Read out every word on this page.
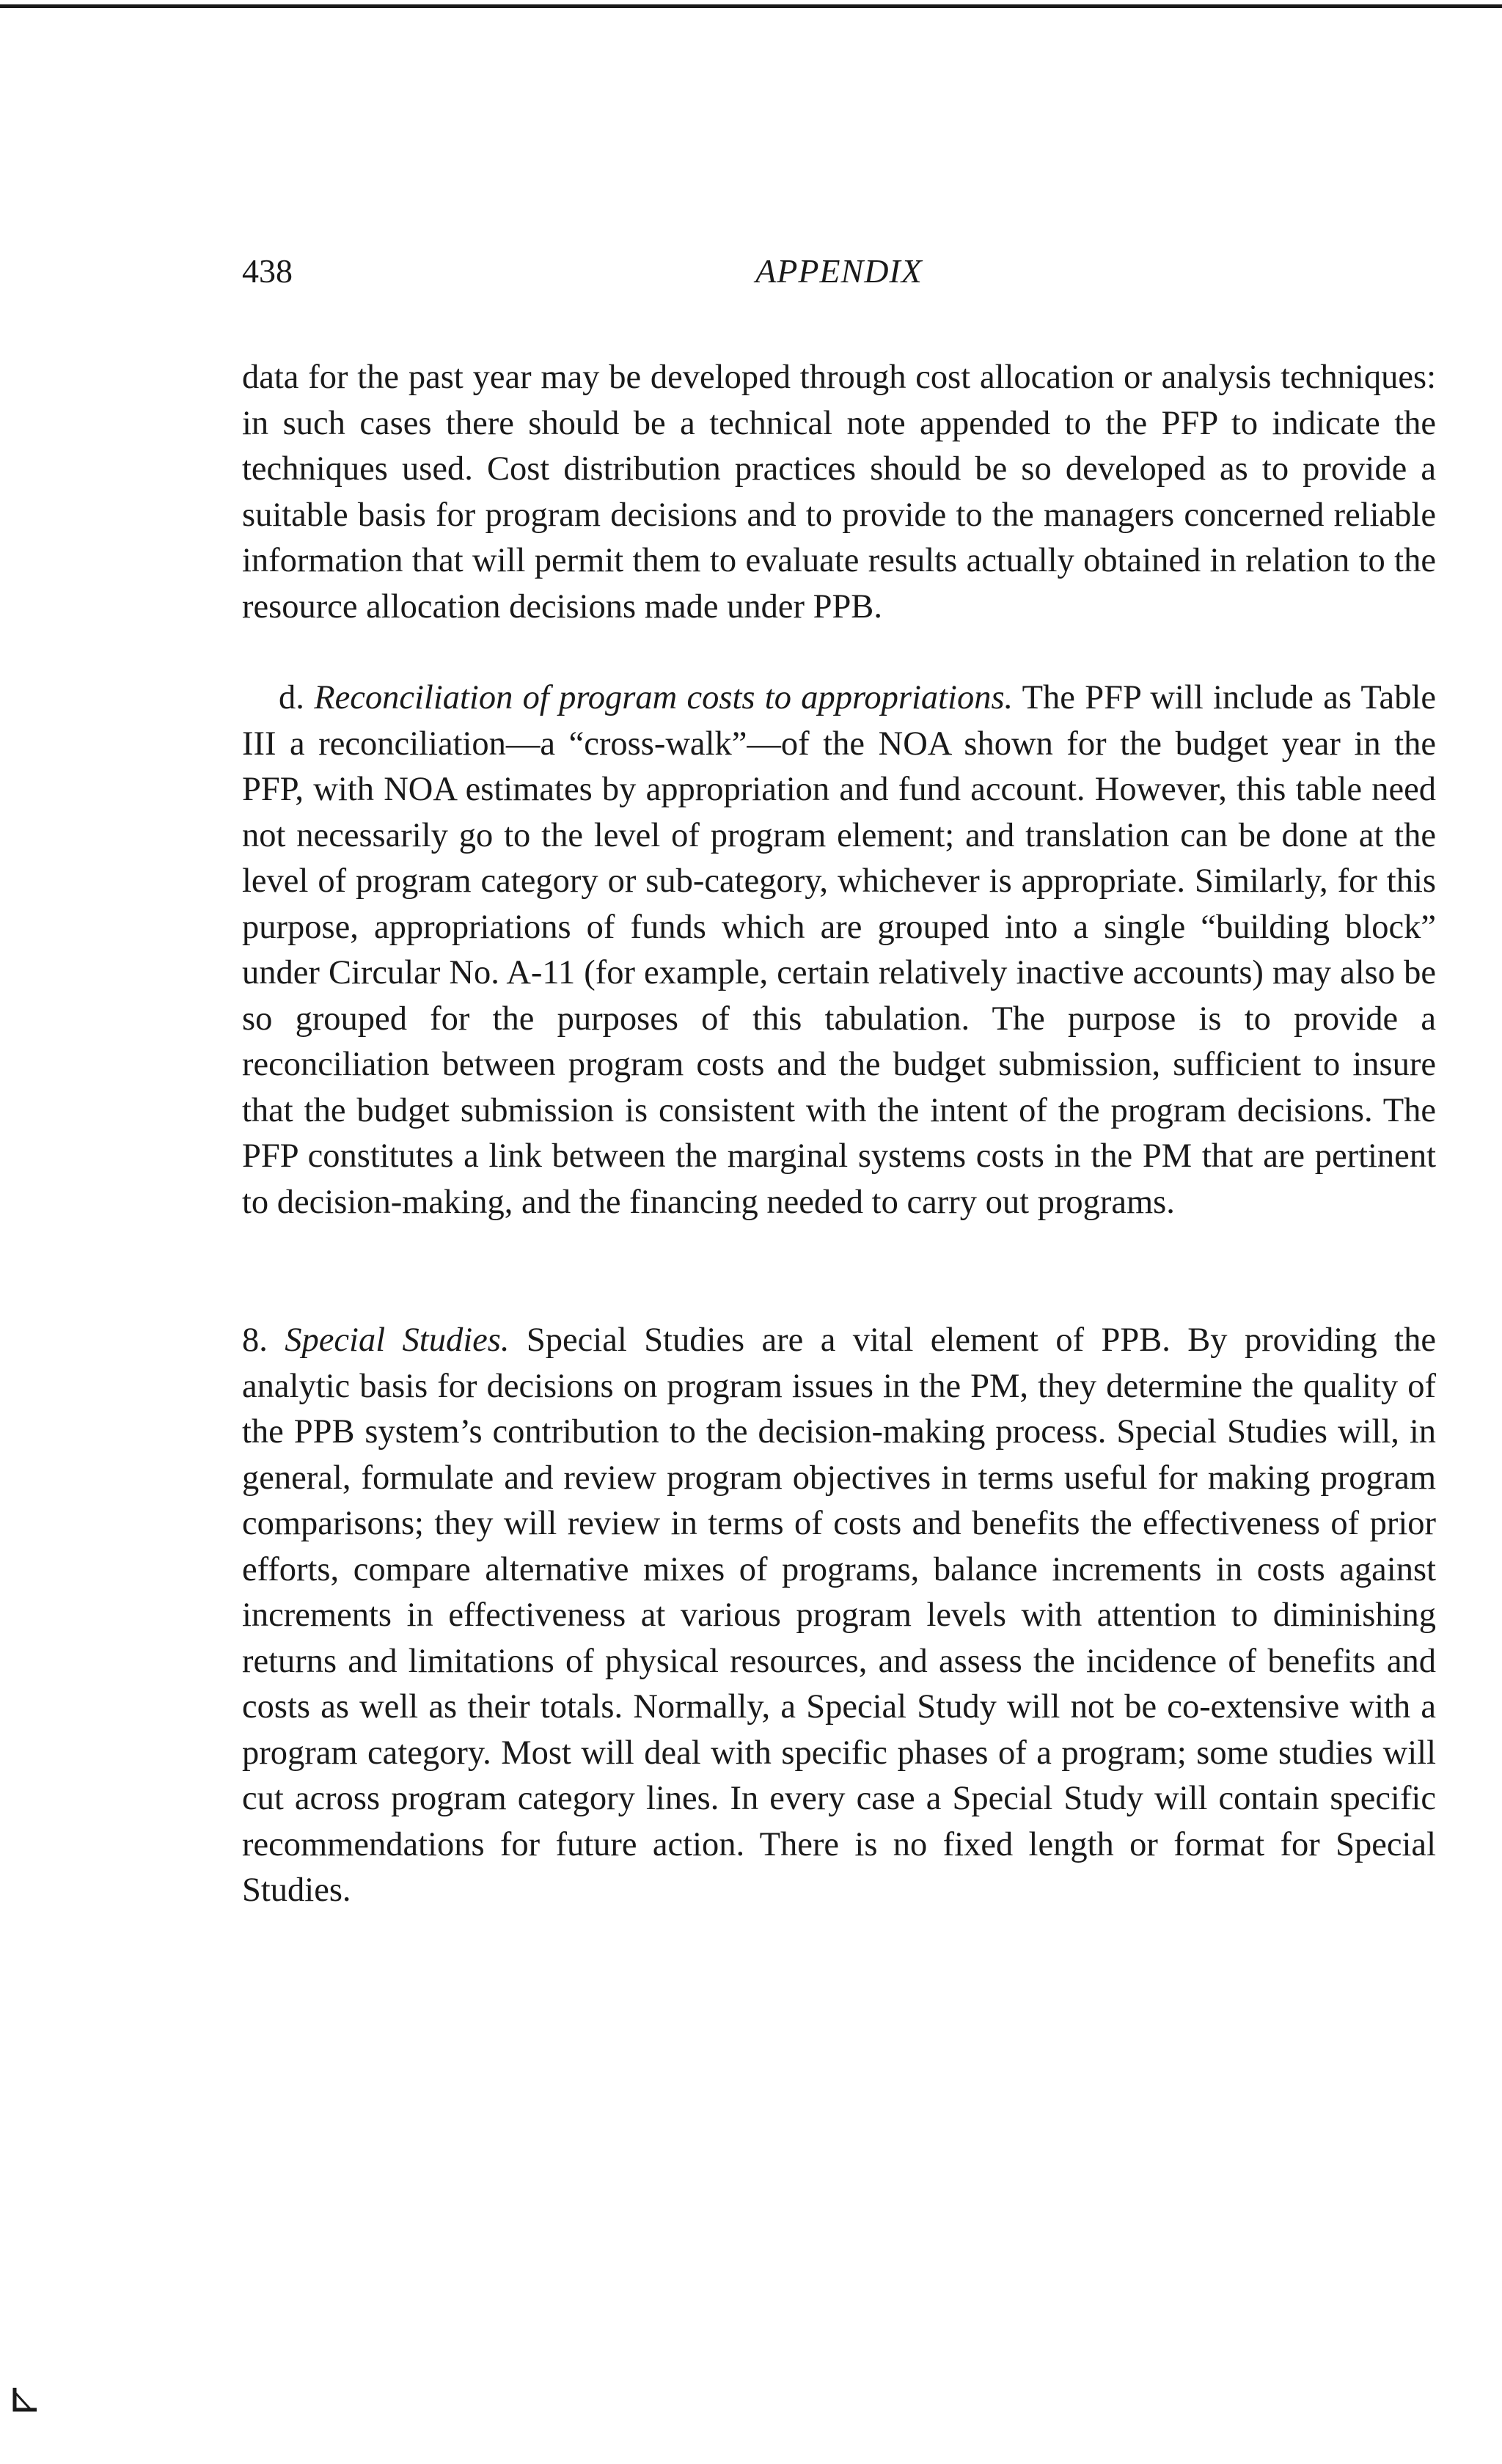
438	APPENDIX

data for the past year may be developed through cost allocation or analysis techniques: in such cases there should be a technical note appended to the PFP to indicate the techniques used. Cost distribution practices should be so developed as to provide a suitable basis for program decisions and to provide to the managers concerned reliable information that will permit them to evaluate results actually obtained in relation to the resource allocation decisions made under PPB.

d. Reconciliation of program costs to appropriations. The PFP will include as Table III a reconciliation—a “cross-walk”—of the NOA shown for the budget year in the PFP, with NOA estimates by appropriation and fund account. However, this table need not necessarily go to the level of program element; and translation can be done at the level of program category or sub-category, whichever is appropriate. Similarly, for this purpose, appropriations of funds which are grouped into a single “building block” under Circular No. A-11 (for example, certain relatively inactive accounts) may also be so grouped for the purposes of this tabulation. The purpose is to provide a reconciliation between program costs and the budget submission, sufficient to insure that the budget submission is consistent with the intent of the program decisions. The PFP constitutes a link between the marginal systems costs in the PM that are pertinent to decision-making, and the financing needed to carry out programs.

8. Special Studies. Special Studies are a vital element of PPB. By providing the analytic basis for decisions on program issues in the PM, they determine the quality of the PPB system’s contribution to the decision-making process. Special Studies will, in general, formulate and review program objectives in terms useful for making program comparisons; they will review in terms of costs and benefits the effectiveness of prior efforts, compare alternative mixes of programs, balance increments in costs against increments in effectiveness at various program levels with attention to diminishing returns and limitations of physical resources, and assess the incidence of benefits and costs as well as their totals. Normally, a Special Study will not be co-extensive with a program category. Most will deal with specific phases of a program; some studies will cut across program category lines. In every case a Special Study will contain specific recommendations for future action. There is no fixed length or format for Special Studies.
